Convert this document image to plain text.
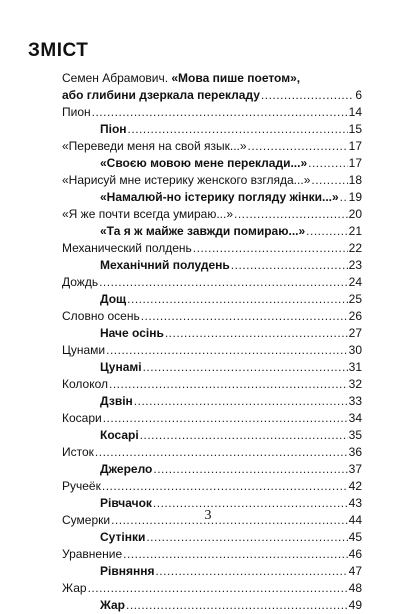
ЗМІСТ
Семен Абрамович. «Мова пише поетом»,
або глибини дзеркала перекладу .....	6
Пион .....	14
Піон .....	15
«Переведи меня на свой язык...» .....	17
«Своєю мовою мене переклади...» .....	17
«Нарисуй мне истерику женского взгляда...» .....	18
«Намалюй-но істерику погляду жінки...» ..... 19
«Я же почти всегда умираю...» .....	20
«Та я ж майже завжди помираю...» .....	21
Механический полдень .....	22
Механічний полудень .....	23
Дождь .....	24
Дощ .....	25
Словно осень .....	26
Наче осінь .....	27
Цунами .....	30
Цунамі .....	31
Колокол .....	32
Дзвін .....	33
Косари .....	34
Косарі .....	35
Исток .....	36
Джерело .....	37
Ручеёк .....	42
Рівчачок .....	43
Сумерки .....	44
Сутінки .....	45
Уравнение .....	46
Рівняння .....	47
Жар .....	48
Жар .....	49
3
